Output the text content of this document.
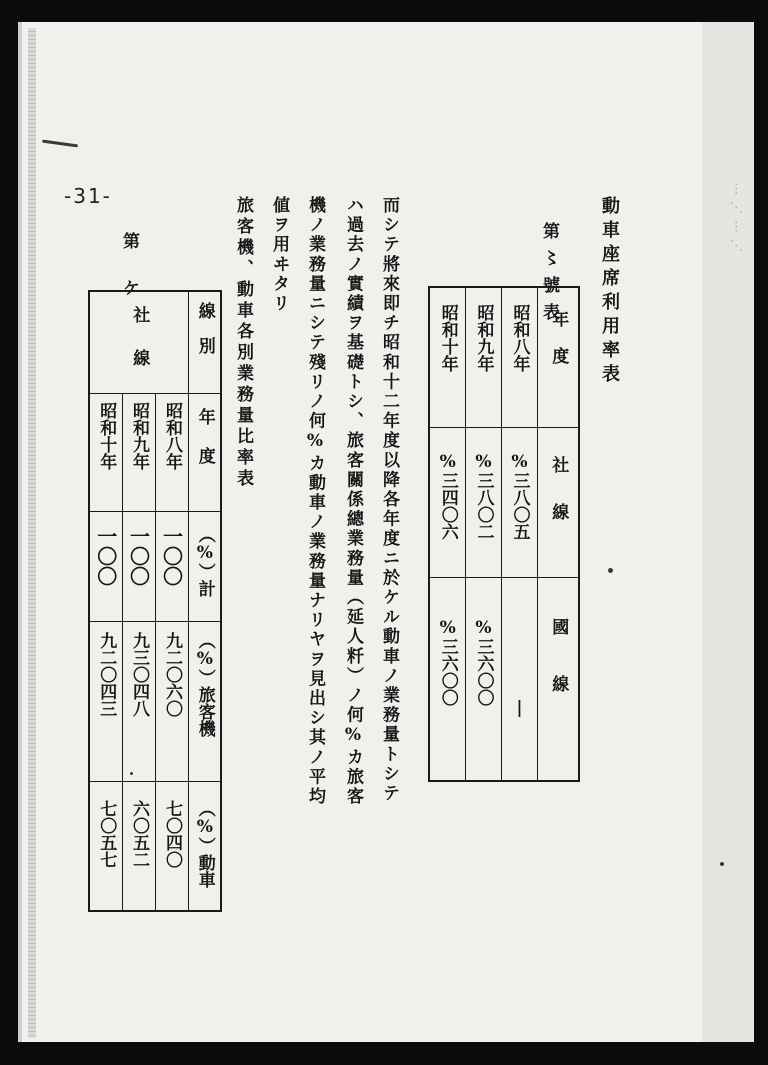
⋯⋰⋯⋰
-31-	動車座席利用率表
第〻號表
年度	昭和八年	昭和九年	昭和十年

社線	三八〇五%	三八〇二%	三四〇六%

國線	|	三六〇〇%	三六〇〇%
而シテ將來即チ昭和十二年度以降各年度ニ於ケル動車ノ業務量トシテ
ハ過去ノ實績ヲ基礎トシ、旅客關係總業務量（延人粁）ノ何%カ旅客
機ノ業務量ニシテ殘リノ何%カ動車ノ業務量ナリヤヲ見出シ其ノ平均
値ヲ用ヰタリ
旅客機、動車各別業務量比率表
第ケ
線別	社線		

年度	昭和八年	昭和九年	昭和十年

計（%）	一〇〇	一〇〇	一〇〇

旅客機（%）	九二〇六〇	九三〇四八	九二〇四三

動車（%）	七〇四〇	六〇五二	七〇五七
